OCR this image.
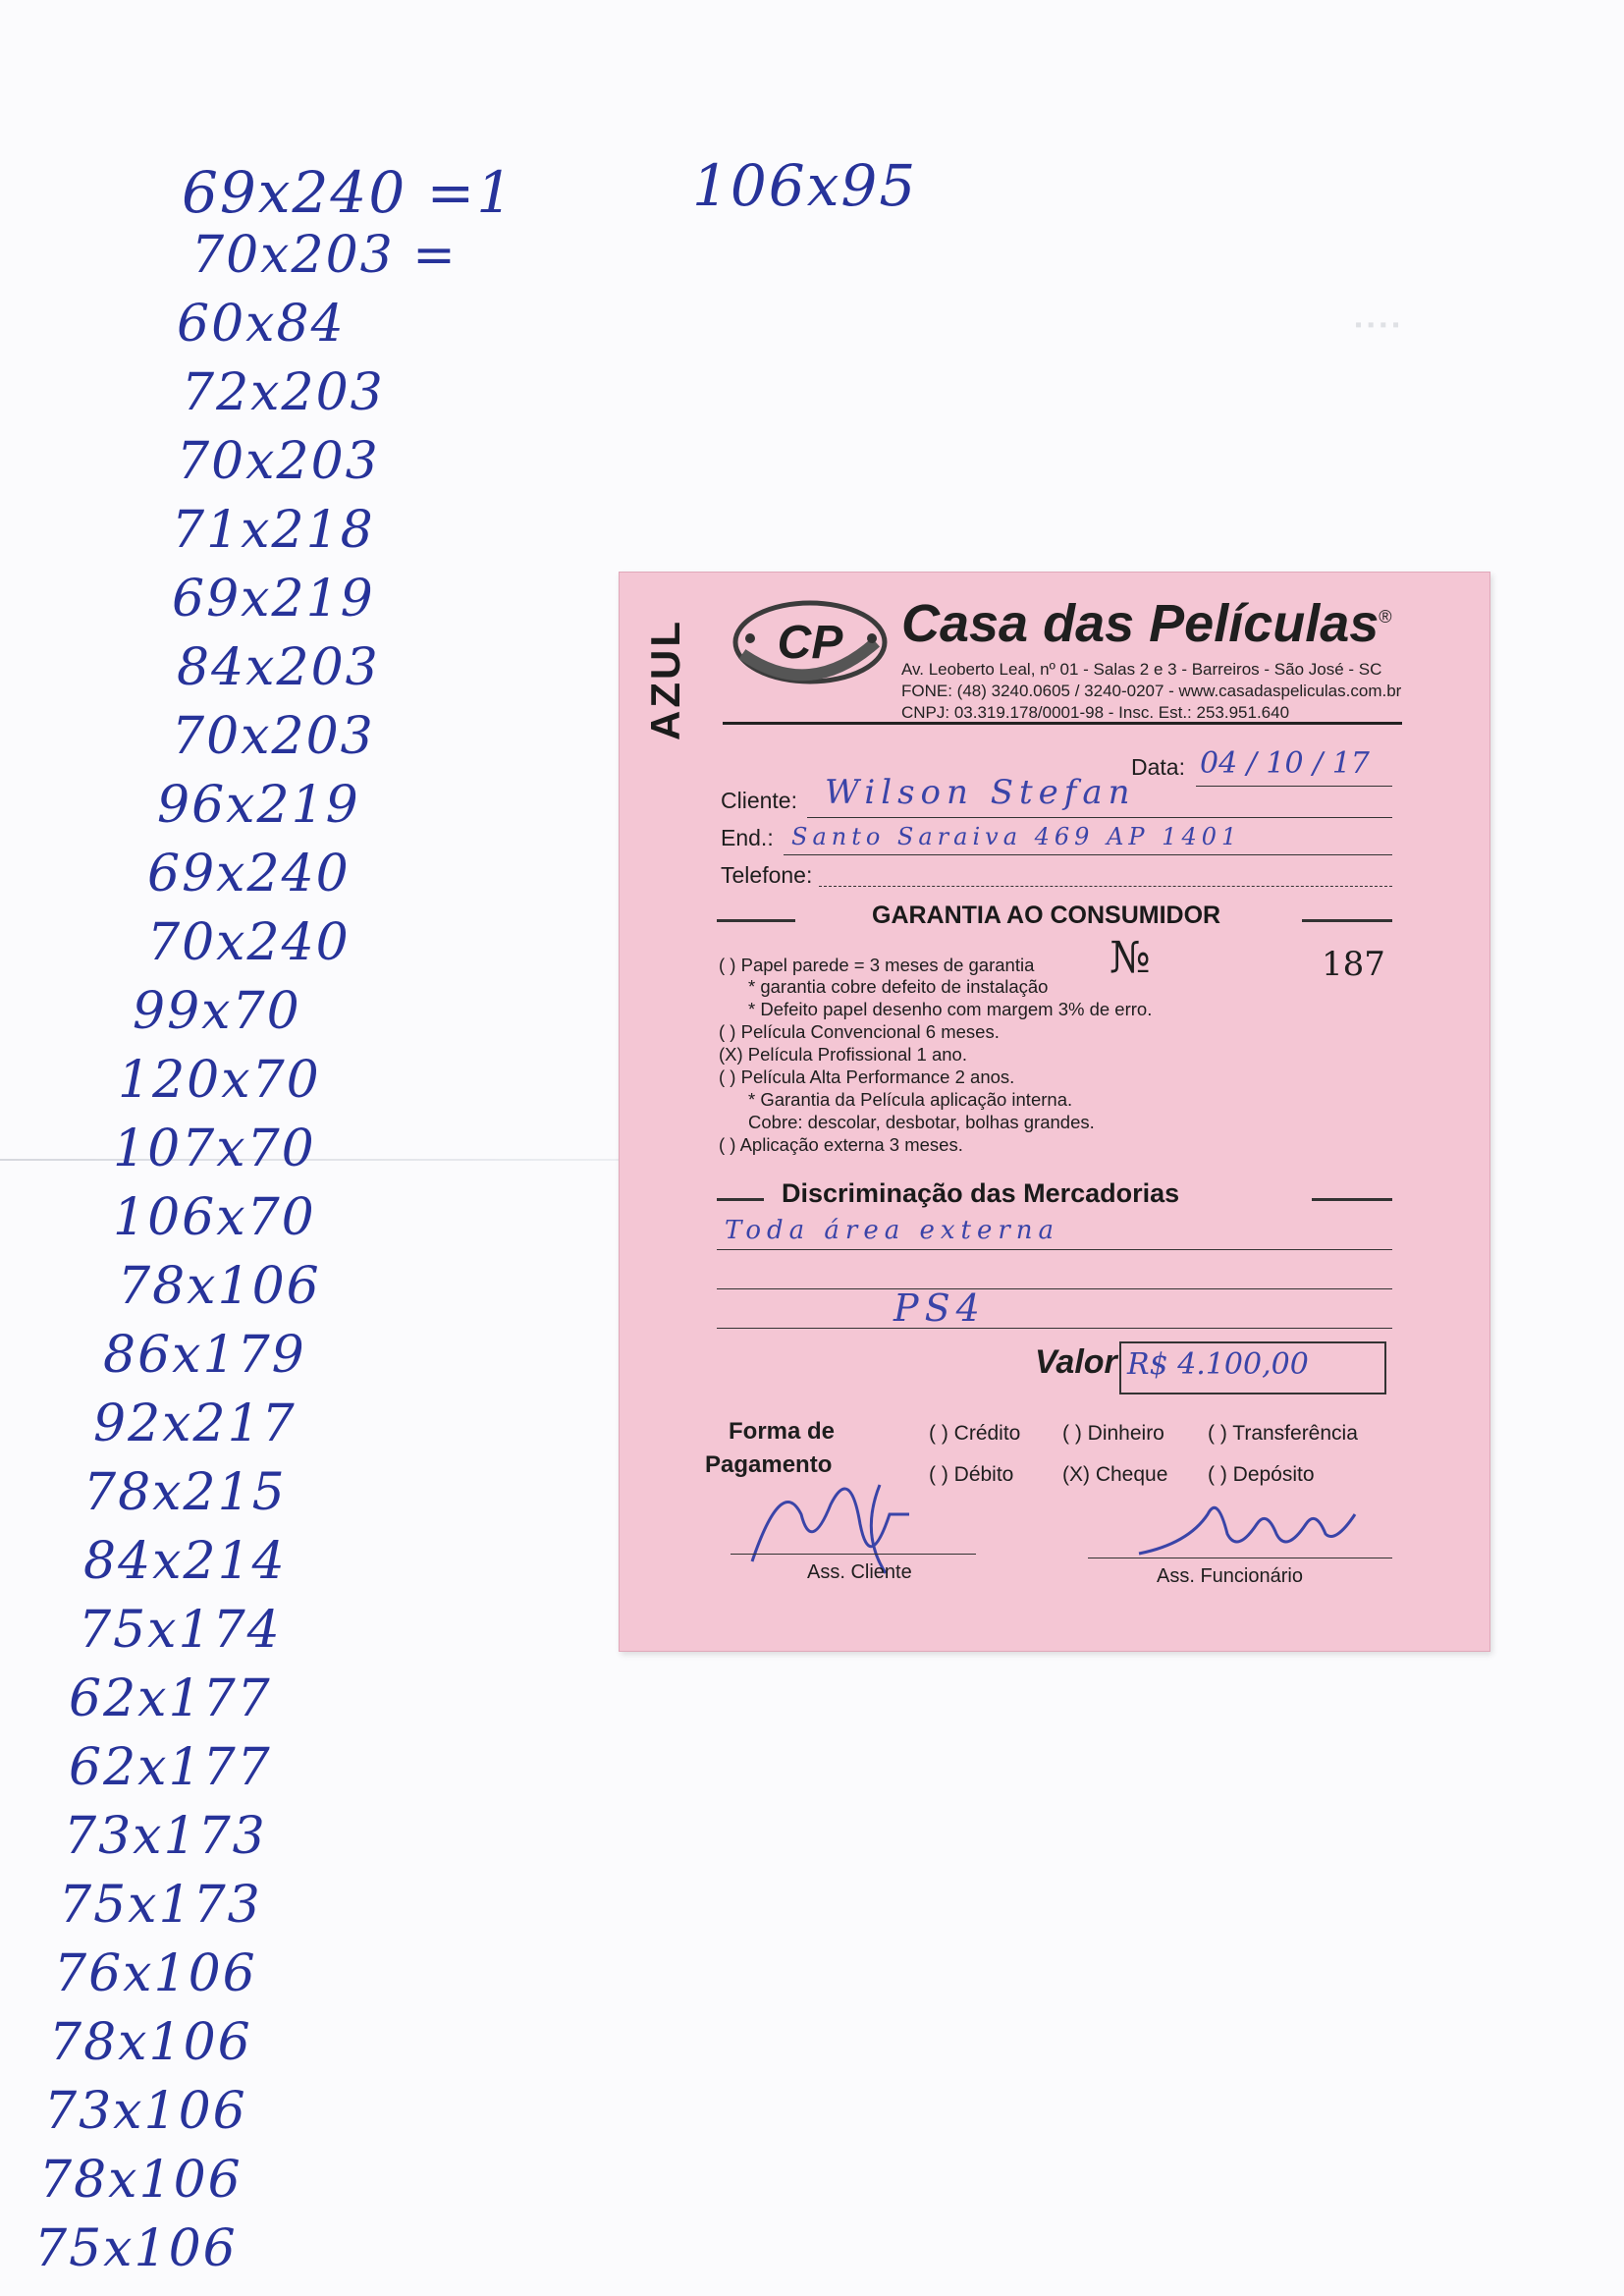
▪ ▪ ▪ ▪
106x95
69x240 =1
70x203 =
60x84
72x203
70x203
71x218
69x219
84x203
70x203
96x219
69x240
70x240
99x70
120x70
107x70
106x70
78x106
86x179
92x217
78x215
84x214
75x174
62x177
62x177
73x173
75x173
76x106
78x106
73x106
78x106
75x106
AZUL CP Casa das Películas®
Av. Leoberto Leal, nº 01 - Salas 2 e 3 - Barreiros - São José - SC
FONE: (48) 3240.0605 / 3240-0207 - www.casadaspeliculas.com.br
CNPJ: 03.319.178/0001-98 - Insc. Est.: 253.951.640
Data: 04 / 10 / 17
Cliente: Wilson Stefan
End.: Santo Saraiva 469 AP 1401
Telefone:
GARANTIA AO CONSUMIDOR
№	187
( ) Papel parede = 3 meses de garantia
* garantia cobre defeito de instalação
* Defeito papel desenho com margem 3% de erro.
( ) Película Convencional 6 meses.
(X) Película Profissional 1 ano.
( ) Película Alta Performance 2 anos.
* Garantia da Película aplicação interna.
Cobre: descolar, desbotar, bolhas grandes.
( ) Aplicação externa 3 meses.
Discriminação das Mercadorias
Toda área externa
PS4
Valor R$ 4.100,00
Forma de
Pagamento
( ) Crédito ( ) Dinheiro ( ) Transferência
( ) Débito (X) Cheque ( ) Depósito
Ass. Cliente	Ass. Funcionário
